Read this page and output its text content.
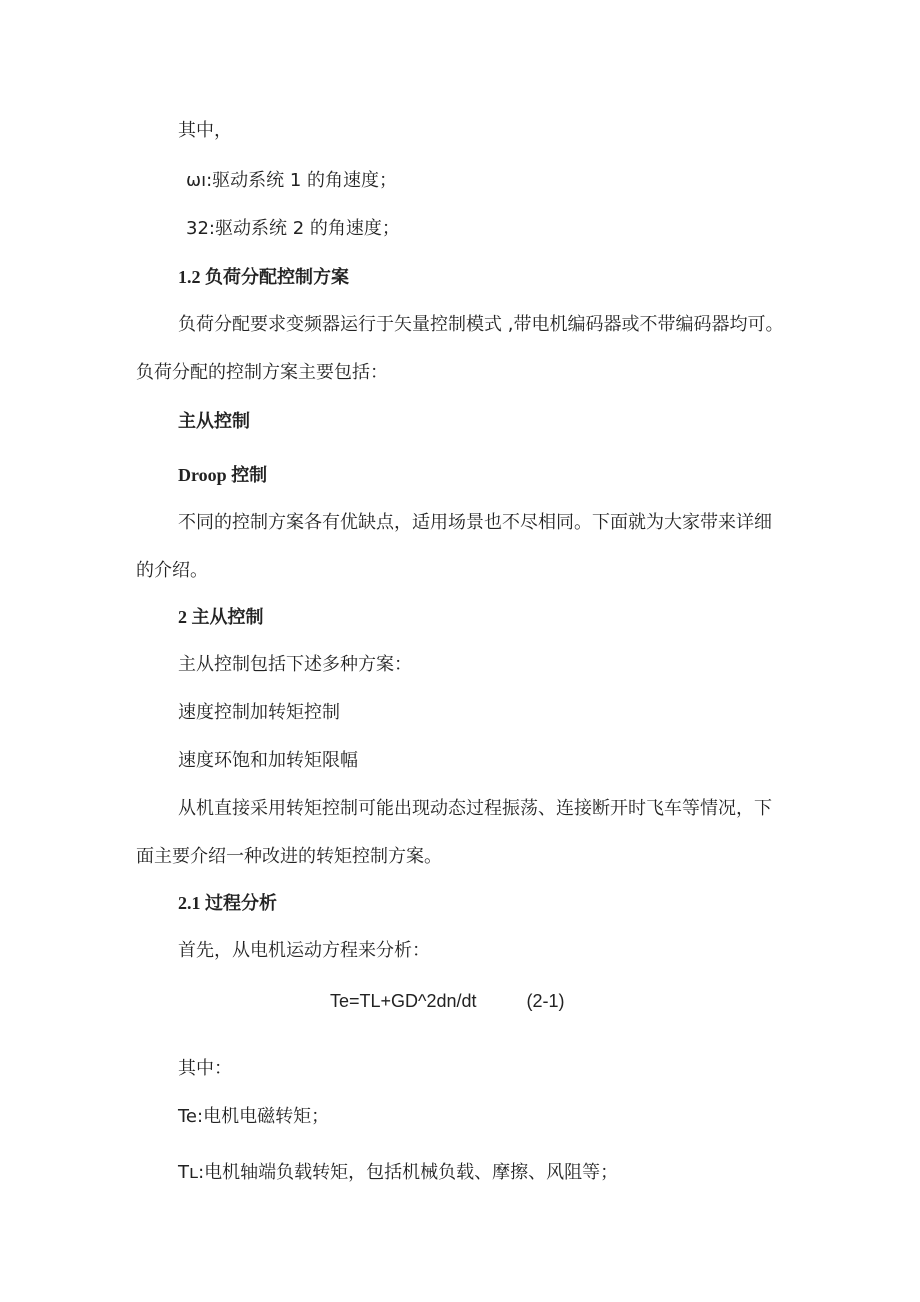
其中，
ωı:驱动系统 1 的角速度；
32:驱动系统 2 的角速度；
1.2 负荷分配控制方案
负荷分配要求变频器运行于矢量控制模式 ,带电机编码器或不带编码器均可。
负荷分配的控制方案主要包括：
主从控制
Droop 控制
不同的控制方案各有优缺点，适用场景也不尽相同。下面就为大家带来详细
的介绍。
2 主从控制
主从控制包括下述多种方案：
速度控制加转矩控制
速度环饱和加转矩限幅
从机直接采用转矩控制可能出现动态过程振荡、连接断开时飞车等情况，下
面主要介绍一种改进的转矩控制方案。
2.1 过程分析
首先，从电机运动方程来分析：
Te=TL+GD^2dn/dt	(2-1)
其中：
Te:电机电磁转矩；
Tʟ:电机轴端负载转矩，包括机械负载、摩擦、风阻等；
